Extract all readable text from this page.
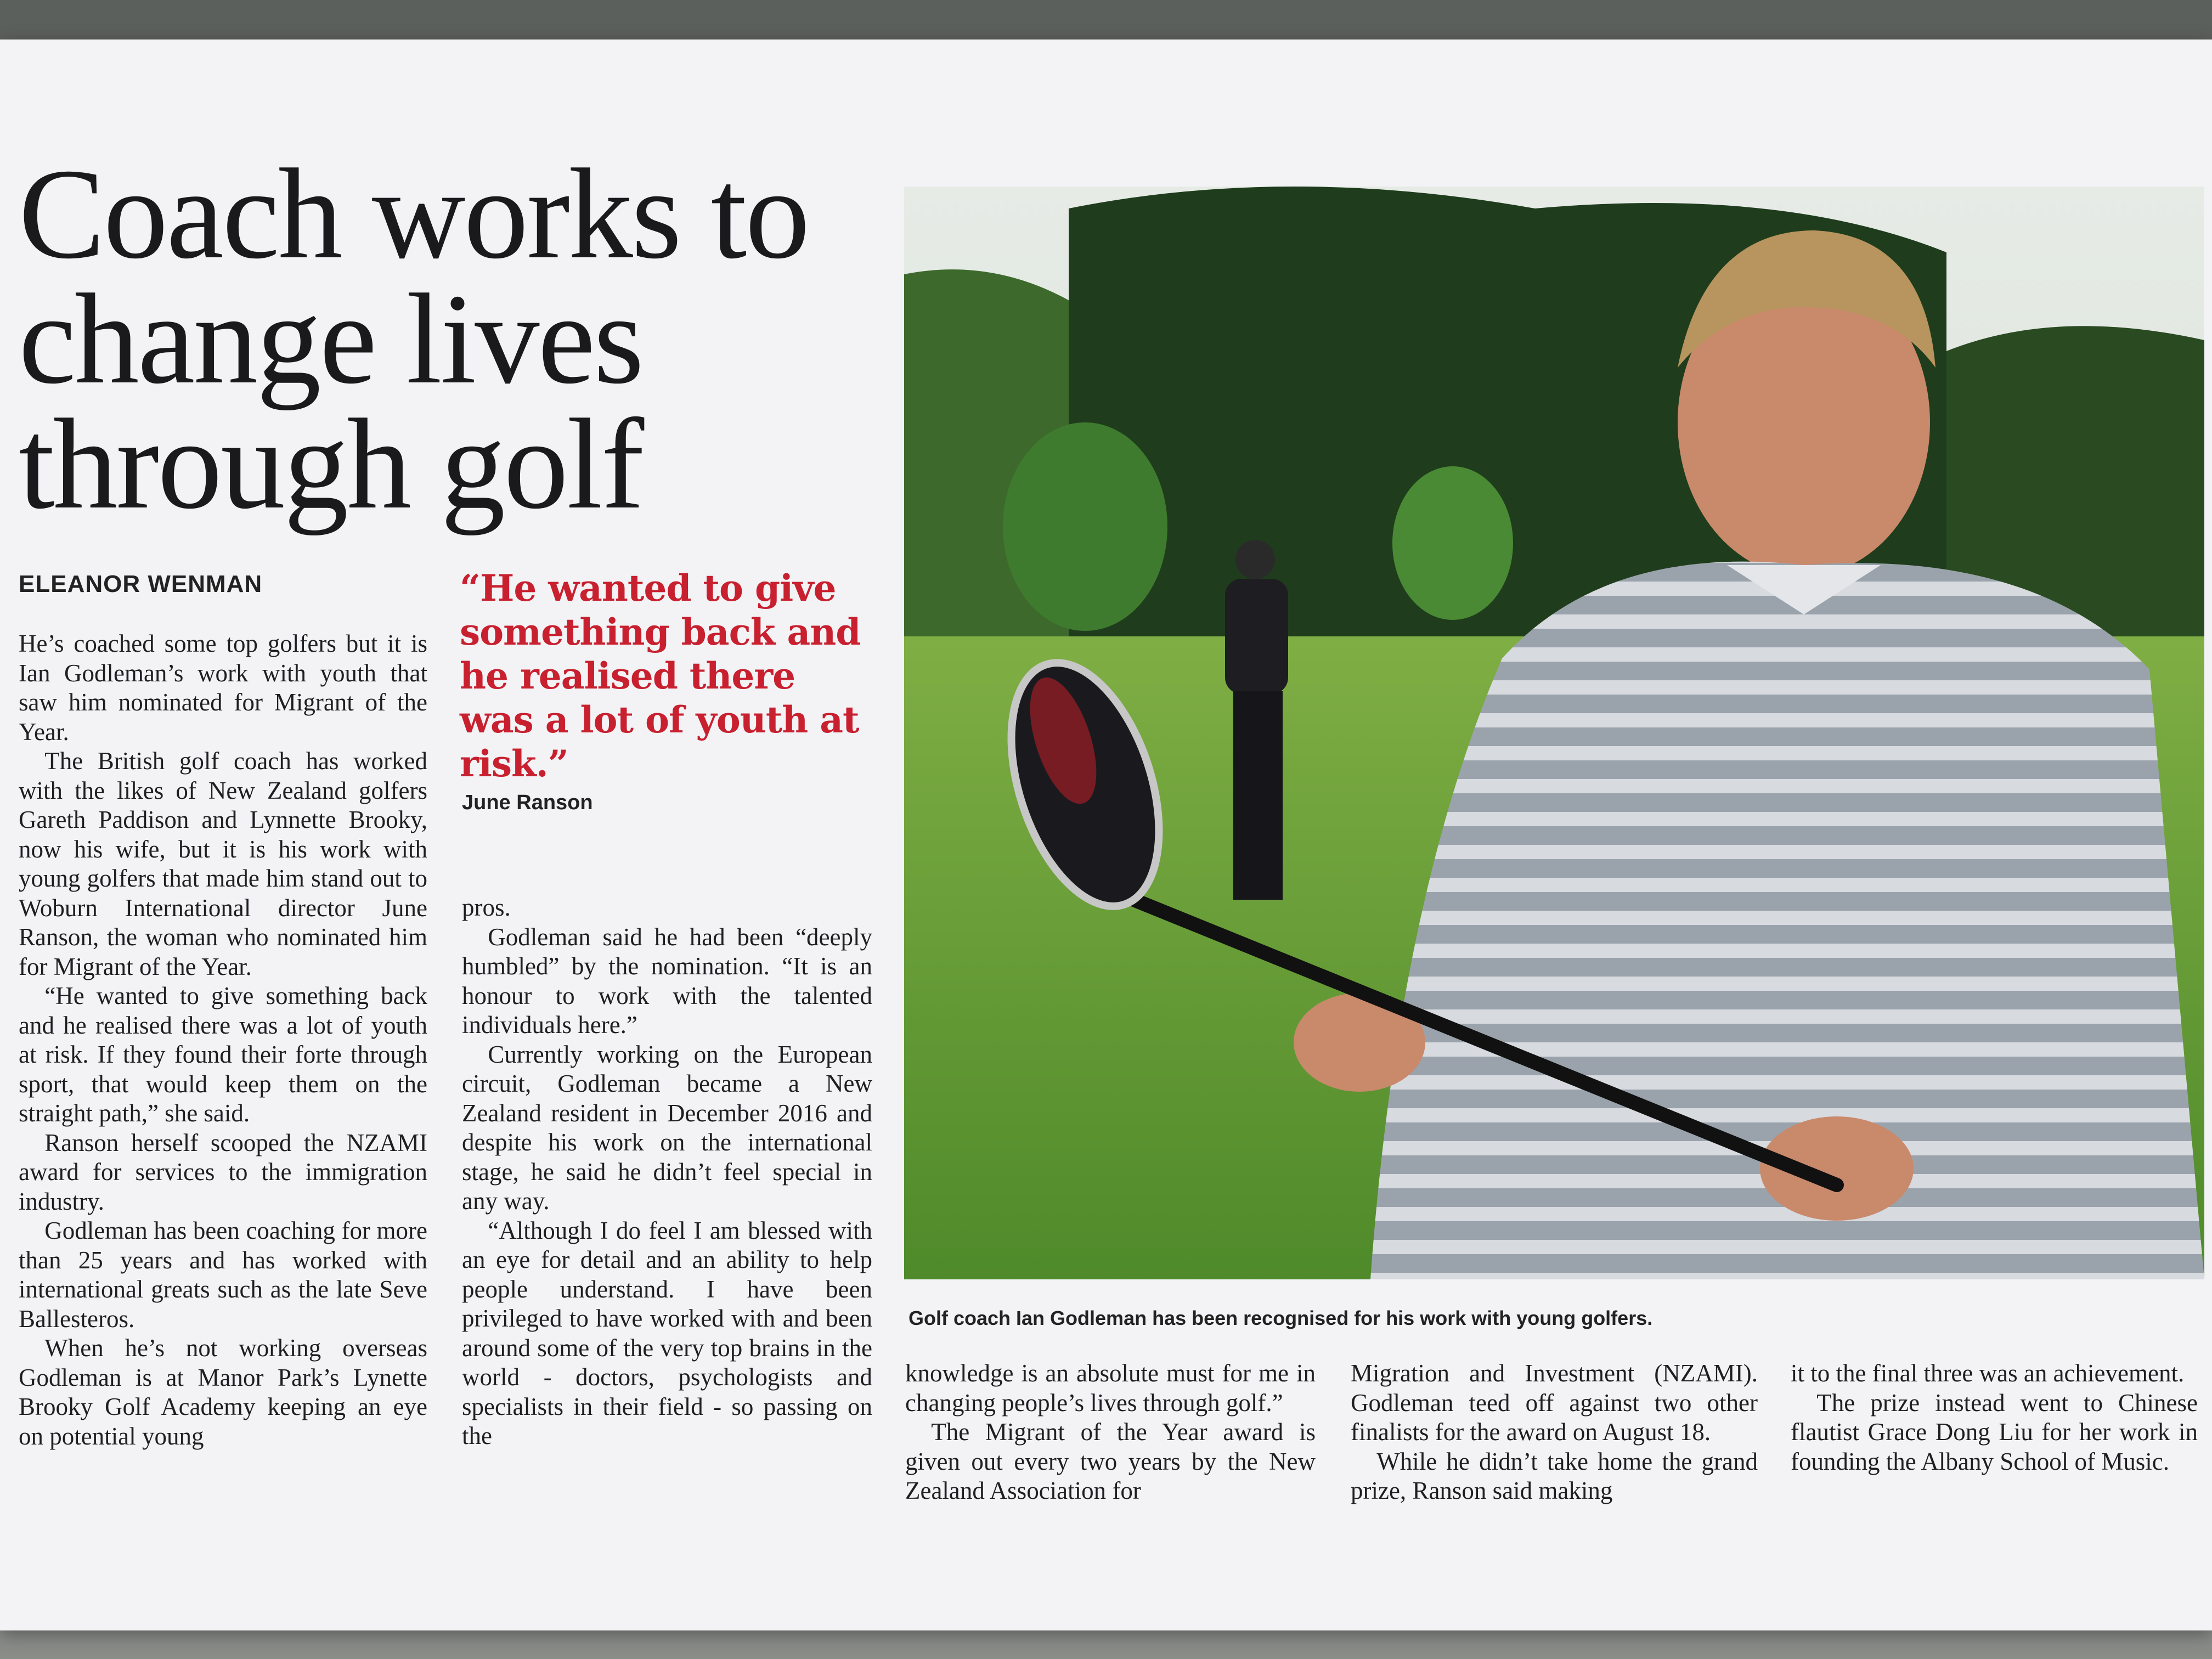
Coach works to
change lives
through golf
ELEANOR WENMAN

He’s coached some top golfers but it is Ian Godleman’s work with youth that saw him nominated for Migrant of the Year.

The British golf coach has worked with the likes of New Zealand golfers Gareth Paddison and Lynnette Brooky, now his wife, but it is his work with young golfers that made him stand out to Woburn International director June Ranson, the woman who nominated him for Migrant of the Year.

“He wanted to give something back and he realised there was a lot of youth at risk. If they found their forte through sport, that would keep them on the straight path,” she said.

Ranson herself scooped the NZAMI award for services to the immigration industry.

Godleman has been coaching for more than 25 years and has worked with international greats such as the late Seve Ballesteros.

When he’s not working overseas Godleman is at Manor Park’s Lynette Brooky Golf Academy keeping an eye on potential young

“He wanted to give something back and he realised there was a lot of youth at risk.”
June Ranson

pros.

Godleman said he had been “deeply humbled” by the nomination. “It is an honour to work with the talented individuals here.”

Currently working on the European circuit, Godleman became a New Zealand resident in December 2016 and despite his work on the international stage, he said he didn’t feel special in any way.

“Although I do feel I am blessed with an eye for detail and an ability to help people understand. I have been privileged to have worked with and been around some of the very top brains in the world - doctors, psychologists and specialists in their field - so passing on the

Golf coach Ian Godleman has been recognised for his work with young golfers.

knowledge is an absolute must for me in changing people’s lives through golf.”

The Migrant of the Year award is given out every two years by the New Zealand Association for

Migration and Investment (NZAMI). Godleman teed off against two other finalists for the award on August 18.

While he didn’t take home the grand prize, Ranson said making

it to the final three was an achievement.

The prize instead went to Chinese flautist Grace Dong Liu for her work in founding the Albany School of Music.
